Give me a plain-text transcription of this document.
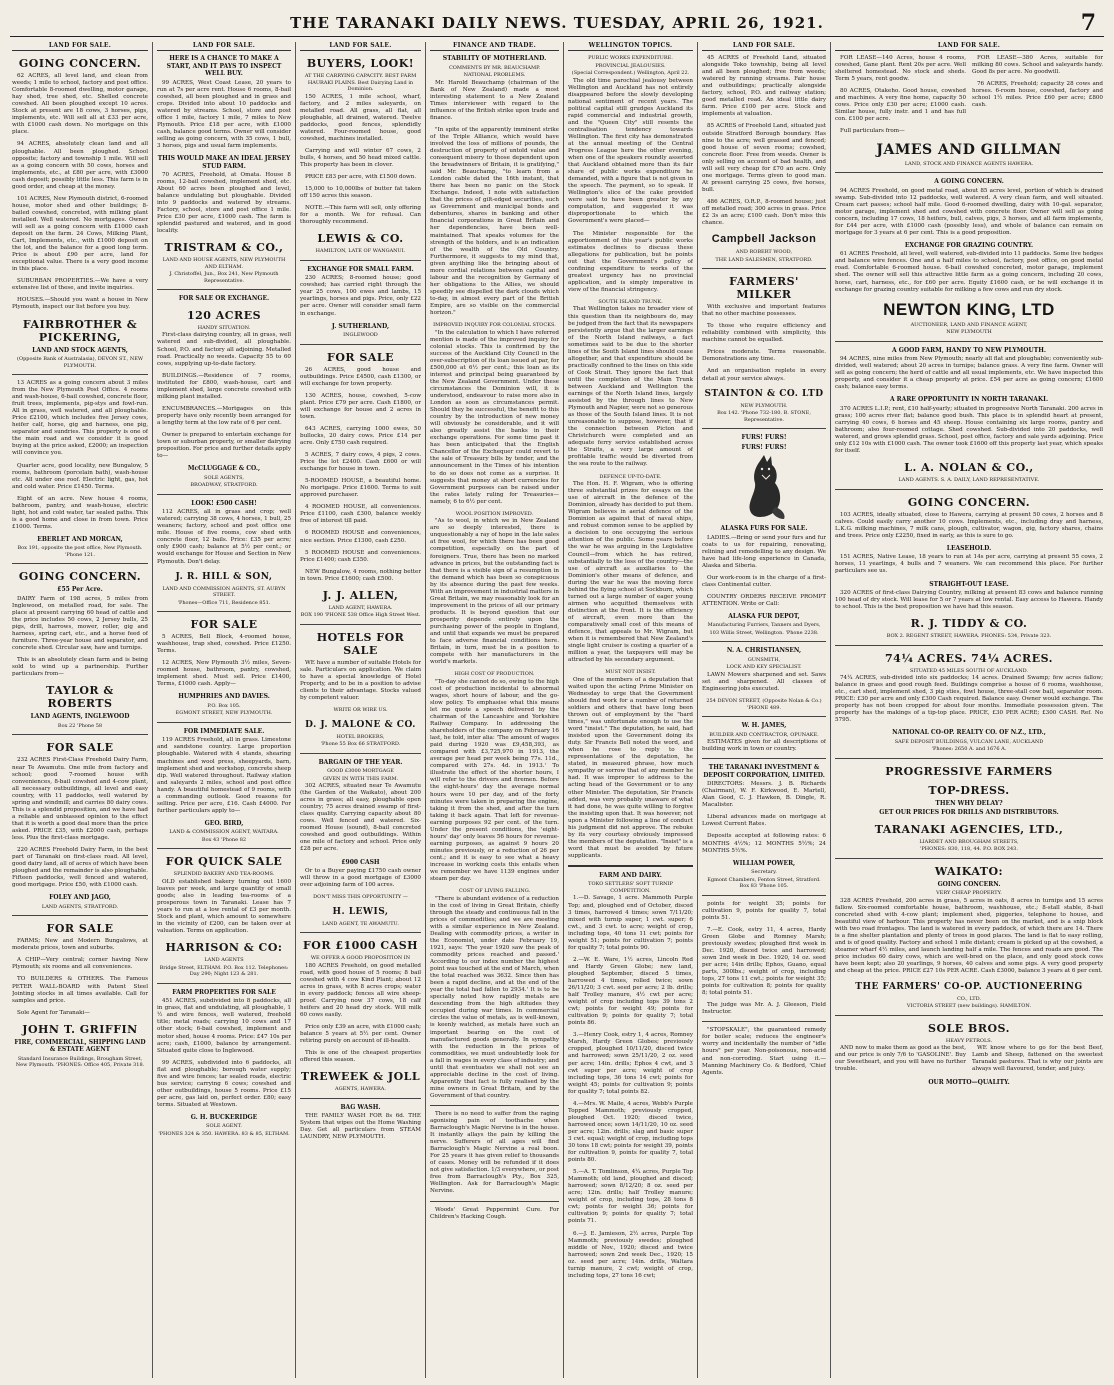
THE TARANAKI DAILY NEWS. TUESDAY, APRIL 26, 1921.	7
LAND FOR SALE.
GOING CONCERN.

62 ACRES, all level land, and clean from weeds; 1 mile to school, factory and post office. Comfortable 8-roomed dwelling, motor garage, hay shed, tree shed, etc. Shelled concrete cowshed. All been ploughed except 10 acres. Stock at present are 18 cows, 3 horses, pigs, implements, etc. Will sell all at £33 per acre, with £1000 cash down. No mortgage on this place.

94 ACRES, absolutely clean land and all ploughable. All been ploughed. School opposite; factory and township 1 mile. Will sell as a going concern with 50 cows, horses and implements, etc., at £80 per acre, with £3000 cash deposit; possibly little less. This farm is in good order, and cheap at the money.

101 ACRES, New Plymouth district, 6-roomed house, motor shed and other buildings; 8-bailed cowshed, concreted, with milking plant installed. Well watered. No mortgages. Owner will sell as a going concern with £1000 cash deposit on the farm. 24 Cows, Milking Plant, Cart, Implements, etc., with £1000 deposit on the lot, and the balance for a good long term. Price is about £90 per acre, land for exceptional value. There is a very good income in this place.

SUBURBAN PROPERTIES.—We have a very extensive list of these, and invite inquiries.

HOUSES.—Should you want a house in New Plymouth, inspect our list before you buy.

FAIRBROTHER & PICKERING,
LAND AND STOCK AGENTS,
(Opposite Bank of Australasia), DEVON ST., NEW PLYMOUTH.

13 ACRES as a going concern about 3 miles from the New Plymouth Post Office. 4 rooms and wash-house, 6-bail cowshed, concrete floor, fruit trees, implements, pig-stys and fowl-run. All in grass, well watered, and all ploughable. Price £2100, which includes five Jersey cows, heifer calf, horse, gig and harness, one pig, separator and sundries. This property is one of the main road and we consider it is good buying at the price asked, £2000; an inspection will convince you.

Quarter acre, good locality, new Bungalow, 5 rooms, bathroom (porcelain bath), wash-house etc. All under one roof. Electric light, gas, hot and cold water. Price £1450. Terms.

Eight of an acre. New house 4 rooms, bathroom, pantry, and wash-house, electric light, hot and cold water, tar sealed paths. This is a good home and close in from town. Price £1000. Terms.

EBERLET AND MORCAN,
Box 191, opposite the post office, New Plymouth. 'Phone 121.
GOING CONCERN.
£55 Per Acre.

DAIRY Farm of 198 acres, 5 miles from Inglewood, on metalled road, for sale. The place at present carrying 60 head of cattle and the price includes 50 cows, 2 Jersey bulls, 25 pigs, drill, harrows, mower, roller, gig and harness, spring cart, etc., and a horse feed of furniture. Three-year house and separator, and concrete shed. Circular saw, haw and turnips.

This is an absolutely clean farm and is being sold to wind up a partnership. Further particulars from—

TAYLOR & ROBERTS
LAND AGENTS, INGLEWOOD
Box 22 'Phone 58
FOR SALE

232 ACRES First-Class Freehold Dairy Farm, near Te Awamutu. One mile from factory and school; good 7-roomed house with conveniences, 8-bail cowshed and 4-cow plant, all necessary outbuildings, all level and easy country, with 11 paddocks, well watered by spring and windmill; and carries 80 dairy cows. This is a splendid proposition, and we have had a reliable and unbiassed opinion to the effect that it is worth a good deal more than the price asked. PRICE £35, with £2000 cash, perhaps less. Plus the first-class mortgage.

220 ACRES Freehold Dairy Farm, in the best part of Taranaki on first-class road. All level, good dairy land, all of acres of which have been ploughed and the remainder is also ploughable. Fifteen paddocks, well fenced and watered, good mortgage. Price £50, with £1000 cash.

FOLEY AND JAGO,
LAND AGENTS, STRATFORD.
FOR SALE

FARMS; New and Modern Bungalows, at moderate prices, town and suburbs.

A CHIP—Very central; corner having New Plymouth; six rooms and all conveniences.

TO BUILDERS & OTHERS. The Famous PETER WALL-BOARD with Patent Steel Jointing stocks in all times available. Call for samples and price.

Sole Agent for Taranaki—

JOHN T. GRIFFIN
FIRE, COMMERCIAL, SHIPPING LAND & ESTATE AGENT
Standard Insurance Buildings, Brougham Street, New Plymouth. 'PHONES: Office 405, Private 318.
LAND FOR SALE.
HERE IS A CHANCE TO MAKE A START, AND IT PAYS TO INSPECT WELL BUY.

99 ACRES, West Coast Lease, 20 years to run at 7s per acre rent. House 6 rooms, 8-bail cowshed, all been ploughed and in grass and crops. Divided into about 10 paddocks and watered by streams. School, store and post office 1 mile, factory 1 mile, 7 miles to New Plymouth. Price £18 per acre, with £1000 cash, balance good terms. Owner will consider selling as going concern, with 35 cows, 1 bull, 3 horses, pigs and usual farm implements.

THIS WOULD MAKE AN IDEAL JERSEY STUD FARM.

70 ACRES, Freehold, at Omata. House 8 rooms, 12-bail cowshed, implement shed, etc. About 60 acres been ploughed and level, balance undulating but ploughable. Divided into 9 paddocks and watered by streams. Factory, school, store and post office 1 mile. Price £30 per acre, £1000 cash. The farm is splendid pastured and watered, and in good locality.

TRISTRAM & CO.,
LAND AND HOUSE AGENTS, NEW PLYMOUTH AND ELTHAM.
J. Christoffel, Jun., Box 241, New Plymouth Representative.
FOR SALE OR EXCHANGE.
120 ACRES
HANDY SITUATION.

First-class dairying country, all in grass, well watered and sub-divided, all ploughable. School, P.O. and factory all adjoining. Metalled road. Practically no weeds. Capacity 55 to 60 cows, supplying up-to-date factory.

BUILDINGS.—Residence of 7 rooms, instituted for £800, wash-house, cart and implement shed, large concrete cowshed with milking plant installed.

ENCUMBRANCES.—Mortgages on this property have only recently been arranged for a lengthy term at the low rate of 6 per cent.

Owner is prepared to entertain exchange for town or suburban property, or smaller dairying proposition. For price and further details apply to—

McCLUGGAGE & CO.,
SOLE AGENTS,
BROADWAY, STRATFORD.
LOOK! £500 CASH!

112 ACRES, all in grass and crop; well watered; carrying 38 cows, 4 horses, 1 bull, 25 weaners; factory, school and post office one mile. House of five rooms, cow shed with concrete floor, 12 bails. Price: £35 per acre; only £900 cash; balance at 5½ per cent.; or would exchange for House and Section in New Plymouth. Don't delay.

J. R. HILL & SON,
LAND AND COMMISSION AGENTS, ST. AUBYN STREET.
'Phones—Office 711, Residence 851.
FOR SALE

5 ACRES, Bell Block, 4-roomed house, washhouse, trap shed, cowshed. Price £1250. Terms.

12 ACRES, New Plymouth 3½ miles, Seven-roomed house, bathroom, pantry, cowshed, implement shed. Must sell. Price £1400, Terms, £1000 cash. Apply—

HUMPHRIES AND DAVIES.
P.O. Box 105.
EGMONT STREET, NEW PLYMOUTH.
FOR IMMEDIATE SALE.

119 ACRES Freehold, all in grass. Limestone and sandstone country. Large proportion ploughable. Watered with 4 stands, shearing machines and wool press, sheepyards, barn, implement shed and workshop, concrete sheep dip. Well watered throughout. Railway station and saleyards 2 miles, school and post office handy. A beautiful homestead of 9 rooms, with a commanding outlook. Good reasons for selling. Price per acre, £16. Cash £4000. For further particulars apply to—

GEO. BIRD,
LAND & COMMISSION AGENT, WAITARA.
Box 43 'Phone 82
FOR QUICK SALE
SPLENDID BAKERY AND TEA-ROOMS.

OLD established bakery turning out 1600 loaves per week, and large quantity of small goods; also in leading tea-rooms of a prosperous town in Taranaki. Lease has 7 years to run at a low rental of £3 per month. Stock and plant, which amount to somewhere in the vicinity of £200, can be taken over at valuation. Terms on application.

HARRISON & CO:
LAND AGENTS
Bridge Street, ELTHAM. P.O. Box 112. Telephones: Day 290; Night 123 & 281.
FARM PROPERTIES FOR SALE

451 ACRES, subdivided into 8 paddocks, all in grass, flat and undulating, all ploughable, 1 ½ and wire fences, well watered, freehold title; metal roads; carrying 10 cows and 17 other stock; 6-bail cowshed, implement and motor shed, house 4 rooms. Price: £47 10s per acre; cash, £1000, balance by arrangement. Situated quite close to Inglewood.

99 ACRES, subdivided into 6 paddocks, all flat and ploughable; borough water supply; five and wire fences; tar sealed roads, electric bus service; carrying 6 cows; cowshed and other outbuildings, house 5 rooms. Price £15 per acre, gas laid on, perfect order. £80; easy terms. Situated at Westown.

G. H. BUCKERIDGE
SOLE AGENT.
'PHONES 324 & 350. HAWERA. 83 & 85, ELTHAM.
LAND FOR SALE.
BUYERS, LOOK!
AT THE CARRYING CAPACITY. BEST FARM HAURAKI PLAINS. Best Dairying Land in Dominion.

150 ACRES, 1 mile school, wharf, factory, and 2 miles saleyards, on metalled road. All grass, all flat, all ploughable, all drained, watered. Twelve paddocks, good fences, splendidly watered. Four-roomed house, good cowshed, machines installed.

Carrying and will winter 67 cows, 2 bulls, 4 horses, and 50 head mixed cattle. This property has been in clover.

PRICE £83 per acre, with £1500 down.

15,000 to 10,000lbs of butter fat taken off 150 acres this season.

NOTE.—This farm will sell, only offering for a month. We for refusal. Can thoroughly recommend.

LEWIS & CO.
HAMILTON, LATE OF WANGANUI.
EXCHANGE FOR SMALL FARM.

230 ACRES; 8-roomed house; good cowshed; has carried right through the year 25 cows, 100 ewes and lambs, 15 yearlings, horses and pigs. Price, only £22 per acre. Owner will consider small farm in exchange.

J. SUTHERLAND,
INGLEWOOD
FOR SALE

26 ACRES, good house and outbuildings. Price £4500, cash £1300, or will exchange for town property.

130 ACRES, house, cowshed, 5-cow plant. Price £79 per acre. Cash £1800, or will exchange for house and 2 acres in town.

643 ACRES, carrying 1000 ewes, 50 bullocks, 20 dairy cows. Price £14 per acre. Only £750 cash required.

5 ACRES, 7 dairy cows, 4 pigs, 2 cows. Price the lot £2400. Cash £600 or will exchange for house in town.

5-ROOMED HOUSE, a beautiful home. No mortgage. Price £1600. Terms to suit approved purchaser.

4 ROOMED HOUSE, all conveniences. Price £1100, cash £300, balance weekly free of interest till paid.

6 ROOMED HOUSE and conveniences, nice section. Price £1300, cash £250.

5 ROOMED HOUSE and conveniences. Price £1400; cash £350.

NEW Bungalow, 4 rooms, nothing better in town. Price £1600; cash £500.

J. J. ALLEN,
LAND AGENT, HAWERA.
BOX 190 'PHONE 538 Office High Street West.
HOTELS FOR SALE

WE have a number of suitable Hotels for sale. Particulars on application. We claim to have a special knowledge of Hotel Property, and to be in a position to advise clients to their advantage. Stocks valued by competent valuer.

WRITE OR WIRE US.
D. J. MALONE & CO.
HOTEL BROKERS,
'Phone 55 Box 66 STRATFORD.
BARGAIN OF THE YEAR.
GOOD £3000 MORTGAGE
GIVEN IN WITH THIS FARM.

302 ACRES, situated near Te Awamutu (the Garden of the Waikato), about 200 acres in grass; all easy, ploughable open country; 75 acres drained swamp of first-class quality. Carrying capacity about 80 cows. Well fenced and watered. Six-roomed House (sound), 8-bail concreted cowshed and good outbuildings. Within one mile of factory and school. Price only £28 per acre.

£900 CASH

Or to a Buyer paying £1750 cash owner will throw in a good mortgage of £3000 over adjoining farm of 100 acres.

DON'T MISS THIS OPPORTUNITY —
H. LEWIS,
LAND AGENT, TE AWAMUTU.
FOR £1000 CASH
WE OFFER A GOOD PROPOSITION IN

180 ACRES Freehold, on good metalled road, with good house of 5 rooms; 8 bail cowshed with 4 cow Kind Plant; about 12 acres in grass, with 8 acres crops; water in every paddock; fences all wire sheep-proof. Carrying now 37 cows, 18 calf heifers and 20 head dry stock. Will milk 60 cows easily.

Price only £39 an acre, with £1000 cash; balance 5 years at 5½ per cent. Owner retiring purely on account of ill-health.

This is one of the cheapest properties offered this season.

TREWEEK & JOLL
AGENTS, HAWERA.
BAG WASH.

THE FAMILY WASH FOR 8s 6d. THE System that wipes out the Home Washing Day. Get all particulars from STEAM LAUNDRY, NEW PLYMOUTH.

FINANCE AND TRADE.
STABILITY OF MOTHERLAND.
COMMENTS BY MR. BEAUCHAMP.
NATIONAL PROBLEMS.

Mr. Harold Beauchamp (chairman of the Bank of New Zealand) made a most interesting statement to a New Zealand Times interviewer with regard to the influence of the British strike upon trade and finance.

"In spite of the apparently imminent strike of the Triple Alliance, which would have involved the loss of millions of pounds, the destruction of property of untold value and consequent misery to those dependent upon the breadwinners of Britain, it is gratifying," said Mr. Beauchamp, "to learn from a London cable dated the 16th instant, that there has been no panic on the Stock Exchange. Indeed, I note with satisfaction that the prices of gilt-edged securities, such as Government and municipal bonds and debentures, shares in banking and other financial corporations in Great Britain and her dependencies, have been well-maintained. That speaks volumes for the strength of the holders, and is an indication of the wealth of the Old Country. Furthermore, it suggests to my mind that, given anything like the bringing about of more cordial relations between capital and labour and the recognition by Germany of her obligations to the Allies, we should speedily see dispelled the dark clouds which to-day, in almost every part of the British Empire, are so visible on the commercial horizon."

IMPROVED INQUIRY FOR COLONIAL STOCKS.

"In the calculation to which I have referred mention is made of the improved inquiry for colonial stocks. This is confirmed by the success of the Auckland City Council in the over-subscription of its loan issued at par, for £500,000 at 6½ per cent.; this loan as its interest and principal being guaranteed by the New Zealand Government. Under these circumstances the Dominion will, it is understood, endeavour to raise more also in London as soon as circumstances permit. Should they be successful, the benefit to this country by the introduction of new money will obviously be considerable, and it will also greatly assist the banks in their exchange operations. For some time past it has been anticipated that the English Chancellor of the Exchequer could revert to the sale of Treasury bills by tender, and the announcement in the Times of his intention to do so does not come as a surprise. It suggests that money at short currencies for Government purposes can be raised under the rates lately ruling for Treasuries—namely, 6 to 6½ per cent.

WOOL POSITION IMPROVED.

"As to wool, in which we in New Zealand are so deeply interested, there is unquestionably a ray of hope in the late sales at free wool, for which there has been good competition, especially on the part of foreigners. True, there has been no marked advance in prices, but the outstanding fact is that there is a visible sign of a resumption in the demand which has been so conspicuous by its absence during the past few weeks. With an improvement in industrial matters in Great Britain, we may reasonably look for an improvement in the prices of all our primary products. It is beyond question that our prosperity depends entirely upon the purchasing power of the people in England, and until that expands we must be prepared to face adverse financial conditions here. Britain, in turn, must be in a position to compete with her manufacturers in the world's markets.

HIGH COST OF PRODUCTION.

"To-day she cannot do so, owing to the high cost of production incidental to abnormal wages, short hours of labour, and the go-slow policy. To emphasise what this means let me quote a speech delivered by the chairman of the Lancashire and Yorkshire Railway Company. In addressing the shareholders of the company on February 16 last, he told, inter alia: 'The amount of wages paid during 1920 was £9,458,393, as compared with £3,725,970 in 1913, the average per head per week being 77s. 11d., compared with 27s. 4d. in 1913.' To illustrate the effect of the shorter hours, I will refer to the drivers and firemen. Before the eight-hours' day the average normal hours were 10 per day, and of the forty minutes were taken in preparing the engine, taking it from the shed, and after the turn taking it back again. That left for revenue-earning purposes 92 per cent. of the turn. Under the present conditions, the 'eight-hours' day' only leaves 56 hours for revenue-earning purposes, as against 9 hours 20 minutes previously, or a reduction of 26 per cent.; and it is easy to see what a heavy increase in working costs this entails when we remember we have 1139 engines under steam per day.

COST OF LIVING FALLING.

"There is abundant evidence of a reduction in the cost of living in Great Britain, chiefly through the steady and continuous fall in the prices of commodities; and we are meeting with a similar experience in New Zealand. Dealing with commodity prices, a writer in the Economist, under date February 19, 1921, says: 'The year 1920 saw the peak of commodity prices reached and passed.' According to our index number the highest point was touched at the end of March, when the total reached was 3632. Since then has been a rapid decline, and at the end of the year the total had fallen to 2934.' It is to be specially noted how rapidly metals are descending from the high altitudes they occupied during war times. In commercial circles the value of metals, as is well-known, is keenly watched, as metals have such an important bearing on the cost of manufactured goods generally. In sympathy with the reduction in the prices of commodities, we must undoubtedly look for a fall in wages in every class of industry; and until that eventuates we shall not see an appreciable decline in the cost of living. Apparently that fact is fully realised by the mine owners in Great Britain, and by the Government of that country.

There is no need to suffer from the raging agonising pain of toothache when Barraclough's Magic Nervine is in the house. It instantly allays the pain by killing the nerve. Sufferers of all ages will find Barraclough's Magic Nervine a real boon. For 25 years it has given relief to thousands of cases. Money will be refunded if it does not give satisfaction. 1/3 everywhere, or post free from Barraclough's Pty., Box 325, Wellington. Ask for Barraclough's Magic Nervine.

Woods' Great Peppermint Cure. For Children's Hacking Cough.

WELLINGTON TOPICS.
PUBLIC WORKS EXPENDITURE.
PROVINCIAL JEALOUSIES.
(Special Correspondent.) Wellington, April 22.

The old time parochial jealousy between Wellington and Auckland has not entirely disappeared before the slowly developing national sentiment of recent years. The political capital still grudges Auckland its rapid commercial and industrial growth, and the "Queen City" still resents the centralisation tendency towards Wellington. The first city has demonstrated at the annual meeting of the Central Progress League here the other evening, when one of the speakers roundly asserted that Auckland obtained more than its fair share of public works expenditure he demanded, with a figure that is not given in the speech. The payment, so to speak. If Wellington's slice of the cake provided were said to have been greater by any computation, and suggested it was disproportionate to which the Government's were placed—

The Minister responsible for the apportionment of this year's public works estimates declines to discuss these allegations for publication, but he points out that the Government's policy of confining expenditure to works of the greatest urgency has no provincial application, and is simply imperative in view of the financial stringency.

SOUTH ISLAND TRUNK.

That Wellington takes no broader view of this question than its neighbours do, may be judged from the fact that its newspapers persistently argue that the larger earnings of the North Island railways, a fact sometimes said to be due to the shorter lines of the South Island lines should cease altogether, and that expenditure should be practically confined to the lines on this side of Cook Strait. They ignore the fact that until the completion of the Main Trunk between Auckland and Wellington the earnings of the North Island lines, largely assisted by the through lines to New Plymouth and Napier, were not so generous as those of the South Island lines. It is not unreasonable to suppose, however, that if the connection between Picton and Christchurch were completed and an adequate ferry service established across the Straits, a very large amount of profitable traffic would be diverted from the sea route to the railway.

DEFENCE UP-TO-DATE.

The Hon. H. F. Wigram, who is offering three substantial prizes for essays on the use of aircraft in the defence of the Dominion, already has decided to put them. Wigram believes in aerial defence of the Dominion as against that of naval ships, and robust common sense to be applied by a decision to one occupying the serious attention of the public. Some years before the war he was arguing in the Legislative Council—from which he has retired, substantially to the loss of the country—the use of aircraft as auxiliaries to the Dominion's other means of defence, and during the war he was the moving force behind the flying school at Sockburn, which turned out a large number of eager young airmen who acquitted themselves with distinction at the front. It is the efficiency of aircraft, even more than the comparatively small cost of this means of defence, that appeals to Mr. Wigram, but when it is remembered that New Zealand's single light cruiser is costing a quarter of a million a year, the taxpayers will may be attracted by his secondary argument.

MUST NOT INSIST.

One of the members of a deputation that waited upon the acting Prime Minister on Wednesday to urge that the Government should find work for a number of returned soldiers and others that have long been thrown out of employment by the "hard times," was unfortunate enough to use the word "insist." The deputation, he said, had insisted upon the Government doing its duty. Sir Francis Bell noted the word, and when he rose to reply to the representations of the deputation, he stated, in measured phrase, how much sympathy or sorrow that of any member he had. It was improper to address to the acting head of the Government or to any other Minister. The deputation, Sir Francis added, was very probably unaware of what it had done, he was quite willing to forgive the insisting upon that. It was however, not upon a Minister following a line of conduct his judgment did not approve. The rebuke by its very courtesy obviously impressed the members of the deputation. "Insist" is a word that must be avoided by future supplicants.

FARM AND DAIRY.
TOKO SETTLERS' SOFT TURNIP COMPETITION.

1.—D. Savage, 1 acre. Mammoth Purple Top; and, ploughed end of October, disced 3 times, harrowed 4 times; sown 7/11/20; mixed with turnip super, 1 cwt. super; 6 cwt., and 3 cwt. to acre; weight of crop, including tops, 40 tons 11 cwt; points for weight 51; points for cultivation 7; points for quality 7; total points 90.

2.—W. E. Ware, 1½ acres, Lincoln Red and Hardy Green Globe; new land, ploughed September, disced 5 times, harrowed 4 times, rolled twice; sown 26/11/20; 3 cwt. seed per acre; 2 lb. drills; half Trolley manure, 4½ cwt per acre; weight of crop including tops 39 tons 2 cwt; points for weight 49; points for cultivation 9; points for quality 7; total points 86.

3.—Henry Cook, estry 1, 4 acres, Romney Marsh, Hardy Green Globes; previously cropped, ploughed 10/11/20, disced twice and harrowed; sown 25/11/20, 2 oz. seed per acre; 14in. drills; Ephos 4 cwt, and 3 cwt super per acre; weight of crop including tops, 36 tons 14 cwt; points for weight 45; points for cultivation 9; points for quality 7; total points 82.

4.—Mrs. W. Maile, 4 acres, Webb's Purple Topped Mammoth; previously cropped, ploughed Oct. 1920; disced twice, harrowed once; sown 14/11/20, 10 oz. seed per acre; 12in. drills; slag and basic super 3 cwt. equal; weight of crop, including tops 30 tons 18 cwt; points for weight 39, points for cultivation 9, points for quality 7, total points 80.

5.—A. T. Tomlinson, 4¼ acres, Purple Top Mammoth; old land, ploughed and disced; harrowed; sown 8/12/20; 8 oz. seed per acre; 12in. drills; half Trolley manure; weight of crop, including tops, 28 tons 8 cwt; points for weight 36; points for cultivation 9; points for quality 7; total points 71.

6.—J. E. Jamieson, 2½ acres, Purple Top Mammoth; previously swedes; ploughed middle of Nov., 1920; disced and twice harrowed; sown 2nd week Dec., 1920; 15 oz. seed per acre; 14in. drills, Waltara turnip manure, 2 cwt; weight of crop, including tops, 27 tons 16 cwt;

LAND FOR SALE.

45 ACRES of Freehold Land, situated alongside Toko township, being all level and all been ploughed; free from weeds; watered by running streams. Fair house and outbuildings; practically alongside factory, school, P.O. and railway station; good metalled road. An ideal little dairy farm. Price £100 per acre. Stock and implements at valuation.

85 ACRES of Freehold Land, situated just outside Stratford Borough boundary. Has nine to the acre; well grassed and fenced; good house of seven rooms; cowshed, concrete floor. Free from weeds. Owner is only selling on account of bad health, and will sell very cheap for £70 an acre. Only one mortgage. Terms given to good man. At present carrying 25 cows, five horses, bull.

486 ACRES, O.R.P., 8-roomed house; just off metalled road; 300 acres in grass. Price £2 3s an acre; £100 cash. Don't miss this chance.

Campbell Jackson
AND ROBERT WOOD,
THE LAND SALESMEN, STRATFORD.
FARMERS' MILKER

With exclusive and important features that no other machine possesses.

To those who require efficiency and reliability combined with simplicity, this machine cannot be equalled.

Prices moderate. Terms reasonable. Demonstrations any time.

And an organisation replete in every detail at your service always.

STAINTON & CO. LTD
NEW PLYMOUTH.
Box 142. 'Phone 732-180. B. STONE, Representative.
FURS! FURS!
FURS! FURS!
ALASKA FURS FOR SALE.

LADIES.—Bring or send your furs and fur coats to us for repairing, renovating, relining and remodelling to any design. We have had life-long experience in Canada, Alaska and Siberia.

Our work-room is in the charge of a first-class Continental cutter.

COUNTRY ORDERS RECEIVE PROMPT ATTENTION. Write or Call:

ALASKA FUR DEPOT,
Manufacturing Furriers, Tanners and Dyers,
103 Willis Street, Wellington. 'Phone 2238.
N. A. CHRISTIANSEN,
GUNSMITH,
LOCK AND KEY SPECIALIST.

LAWN Mowers sharpened and set. Saws set and sharpened. All classes of Engineering jobs executed.

254 DEVON STREET, (Opposite Nolan & Co.) 'PHONE 489.
W. H. JAMES,
BUILDER AND CONTRACTOR, OPUNAKE.

ESTIMATES given for all descriptions of building work in town or country.

THE TARANAKI INVESTMENT & DEPOSIT CORPORATION, LIMITED.

DIRECTORS: Messrs. J. B. Richards (Chairman), W. F. Kirkwood, E. Martell, Alan Good, C. J. Hawken, B. Dingle, R. Macalister.

Liberal advances made on mortgage at Lowest Current Rates.

Deposits accepted at following rates: 6 MONTHS 4½%; 12 MONTHS 5½%; 24 MONTHS 5½%.

WILLIAM POWER,
Secretary.
Egmont Chambers, Fenton Street, Stratford. Box 83 'Phone 105.

points for weight 35; points for cultivation 9, points for quality 7, total points 51.

7.—E. Cook, estry 11, 4 acres, Hardy Green Globe and Romney Marsh; previously swedes; ploughed first week in Dec. 1920, disced twice and harrowed; sown 2nd week in Dec. 1920, 14 oz. seed per acre; 14in drills; Ephos, Guano, equal parts, 300lbs.; weight of crop, including tops, 27 tons 11 cwt.; points for weight 35; points for cultivation 8; points for quality 8; total points 51.

The judge was Mr. A. J. Gleeson, Field Instructor.

"STOPSKALE", the guaranteed remedy for boiler scale; reduces the engineer's worry and incidentally the number of "idle hours" per year. Non-poisonous, non-acid and non-corroding. Start using it.—Manning Machinery Co. & Bedford, 'Chief Agents.

LAND FOR SALE.

FOR LEASE—140 Acres, house 4 rooms, cowshed, Gane plant. Rent 20s per acre. Well sheltered homestead. No stock and sheds. Term 5 years, rent goodw.

80 ACRES, Otakeho. Good house, cowshed and machines. A very fine home, capacity 50 cows. Price only £30 per acre; £1000 cash. Similar house, fully instr. and 1 and has full con. £100 per acre.

FOR LEASE—380 Acres, suitable for milking 80 cows. School and saleyards handy. Good 8s per acre. No goodwill.

76 ACRES, Freehold; capacity 28 cows and horses. 6-room house, cowshed, factory and school 1½ miles. Price £60 per acre; £800 cash.

Full particulars from—

JAMES AND GILLMAN
LAND, STOCK AND FINANCE AGENTS HAWERA.
A GOING CONCERN.

94 ACRES Freehold, on good metal road, about 85 acres level, portion of which is drained swamp. Sub-divided into 12 paddocks, well watered. A very clean farm, and well situated. Cream cart passes; school half mile. Good 6-roomed dwelling, dairy with 10-gal. separator, motor garage, implement shed and cowshed with concrete floor. Owner will sell as going concern, including 17 cows, 18 heifers, bull, calves, pigs, 3 horses, and all farm implements, for £44 per acre, with £1000 cash (possibly less), and whole of balance can remain on mortgage for 3 years at 6 per cent. This is a good proposition.

EXCHANGE FOR GRAZING COUNTRY.

61 ACRES Freehold, all level, well watered, sub-divided into 11 paddocks. Some live hedges and balance wire fences. One and a half miles to school, factory, post office, on good metal road. Comfortable 6-roomed house. 6-bail cowshed concreted, motor garage, implement shed. The owner will sell this attractive little farm as a going concern, including 20 cows, horse, cart, harness, etc., for £60 per acre. Equity £1600 cash, or he will exchange it in exchange for grazing country suitable for milking a few cows and run dry stock.

NEWTON KING, LTD
AUCTIONEER, LAND AND FINANCE AGENT,
NEW PLYMOUTH
A GOOD FARM, HANDY TO NEW PLYMOUTH.

94 ACRES, nine miles from New Plymouth; nearly all flat and ploughable; conveniently sub-divided, well watered; about 20 acres in turnips; balance grass. A very fine farm. Owner will sell as going concern; the herd of cattle and all usual implements, etc. We have inspected this property, and consider it a cheap property at price. £54 per acre as going concern; £1600 cash; balance easy terms.

A RARE OPPORTUNITY IN NORTH TARANAKI.

370 ACRES L.I.P.; rent, £10 half-yearly; situated in progressive North Taranaki. 200 acres in grass; 100 acres river flat; balance good bush. This place is in splendid heart at present, carrying 40 cows, 6 horses and 45 sheep. House containing six large rooms, pantry and bathroom; also four-roomed cottage. Shed cowshed. Sub-divided into 20 paddocks, well watered, and grows splendid grass. School, post office, factory and sale yards adjoining. Price only £12 10s with £1000 cash. The owner took £1600 off this property last year, which speaks for itself.

L. A. NOLAN & CO.,
LAND AGENTS. S. A. DAILY, LAND REPRESENTATIVE.
GOING CONCERN.

103 ACRES, ideally situated, close to Hawera, carrying at present 50 cows, 2 horses and 8 calves. Could easily carry another 10 cows. Implements, etc., including dray and harness, L.K.G. milking machines, 7 milk cans, plough, cultivator, wagon, gig, factory shares, chains and trees. Price only £2250, fixed in early, as this is sure to go.

LEASEHOLD.

151 ACRES, Native Lease, 18 years to run at 14s per acre, carrying at present 55 cows, 2 horses, 11 yearlings, 4 bulls and 7 weaners. We can recommend this place. For further particulars see us.

STRAIGHT-OUT LEASE.

320 ACRES of first-class Dairying Country, milking at present 83 cows and balance running 100 head of dry stock. Will lease for 5 or 7 years at low rental. Easy access to Hawera. Handy to school. This is the best proposition we have had this season.

R. J. TIDDY & CO.
BOX 2. REGENT STREET, HAWERA. PHONES: 534, Private 323.
74¼ ACRES. 74¼ ACRES.
SITUATED 45 MILES SOUTH OF AUCKLAND.

74¼ ACRES, sub-divided into six paddocks; 14 acres. Drained Swamp; few acres fallow; balance in grass and good rough feed. Buildings comprise a house of 6 rooms, washhouse, etc., cart shed, implement shed, 3 pig sties, fowl house, three-stall cow bail, separator room. PRICE: £30 per acre and only £300 Cash required. Balance easy. Owner would exchange. The property has not been cropped for about four months. Immediate possession given. The property has the makings of a tip-top place. PRICE, £30 PER ACRE; £300 CASH. Ref. No 5795.

NATIONAL CO-OP. REALTY CO. OF N.Z., LTD.,
SAFE DEPOSIT BUILDINGS, VULCAN LANE, AUCKLAND
'Phones: 2650 A. and 1676 A.
PROGRESSIVE FARMERS
TOP-DRESS.
THEN WHY DELAY?
GET OUR PRICES FOR DRILLS AND DISTRIBUTORS.
TARANAKI AGENCIES, LTD.,
LIARDET AND BROUGHAM STREETS,
'PHONES: 830, 118, 44. P.O. BOX 243.
WAIKATO:
GOING CONCERN.
VERY CHEAP PROPERTY.

328 ACRES Freehold, 200 acres in grass, 5 acres in oats, 8 acres in turnips and 15 acres fallow. Six-roomed comfortable house, bathroom, washhouse, etc.; 8-stall stable, 8-bail concreted shed with 4-cow plant; implement shed, piggeries, telephone to house, and beautiful view of harbour. This property has never been on the market, and is a snip block with two road frontages. The land is watered in every paddock, of which there are 14. There is a fine shelter plantation and plenty of trees in good places. The land is flat to easy rolling, and is of good quality. Factory and school 1 mile distant; cream is picked up at the cowshed, a steamer wharf 4½ miles, and launch landing half a mile. The fences and roads are good. The price includes 60 dairy cows, which are well-bred on the place, and only good stock cows have been kept; also 20 yearlings, 9 horses, 40 calves and some pigs. A very good property and cheap at the price. PRICE £27 10s PER ACRE. Cash £3000, balance 3 years at 6 per cent.

THE FARMERS' CO-OP. AUCTIONEERING
CO., LTD.
VICTORIA STREET (new buildings). HAMILTON.
SOLE BROS.
HEAVY PETROLS.

AND now to make them as good as the best, and our price is only 7/6 to 'GASOLINE'. Buy our Sweetheart, and you will have no further trouble.

WE know where to go for the best Beef, Lamb and Sheep, fattened on the sweetest Taranaki pastures. That is why our joints are always well flavoured, tender, and juicy.

OUR MOTTO—QUALITY.
